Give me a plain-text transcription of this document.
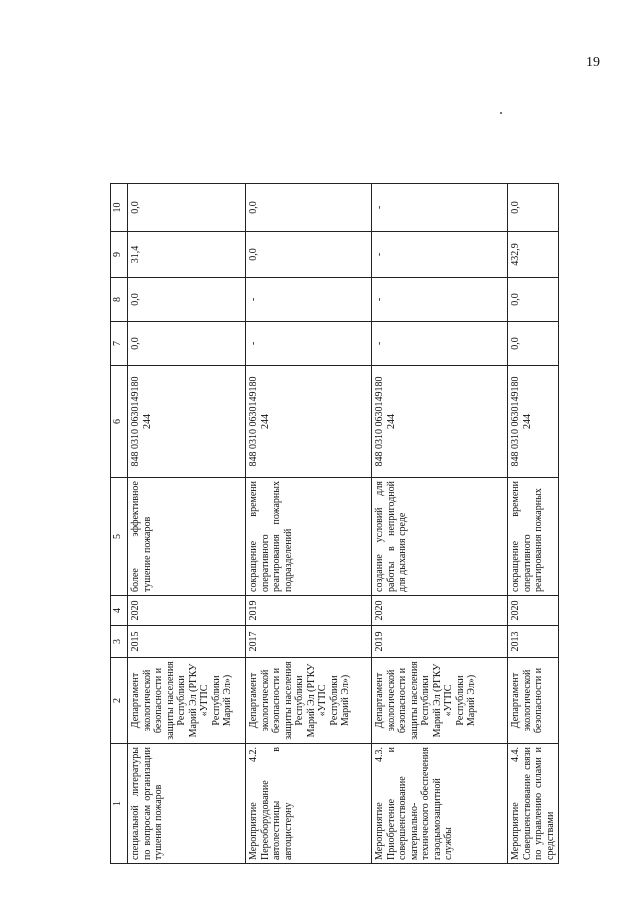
19
1	2	3	4	5	6	7	8	9	10
специальной литературы по вопросам организации тушения пожаров	Департамент экологической безопасности и защиты населения Республики Марий Эл (РГКУ «УГПС Республики Марий Эл»)	2015	2020	более эффективное тушение пожаров	848 0310 0630149180 244	0,0	0,0	31,4	0,0
Мероприятие 4.2. Переоборудование автолестницы в автоцистерну	Департамент экологической безопасности и защиты населения Республики Марий Эл (РГКУ «УГПС Республики Марий Эл»)	2017	2019	сокращение времени оперативного реагирования пожарных подразделений	848 0310 0630149180 244	-	-	0,0	0,0
Мероприятие 4.3. Приобретение и совершенствование материально-технического обеспечения газодымозащитной службы	Департамент экологической безопасности и защиты населения Республики Марий Эл (РГКУ «УГПС Республики Марий Эл»)	2019	2020	создание условий для работы в непригодной для дыхания среде	848 0310 0630149180 244	-	-	-	-
Мероприятие 4.4. Совершенствование связи по управлению силами и средствами	Департамент экологической безопасности и	2013	2020	сокращение времени оперативного реагирования пожарных	848 0310 0630149180 244	0,0	0,0	432,9	0,0
